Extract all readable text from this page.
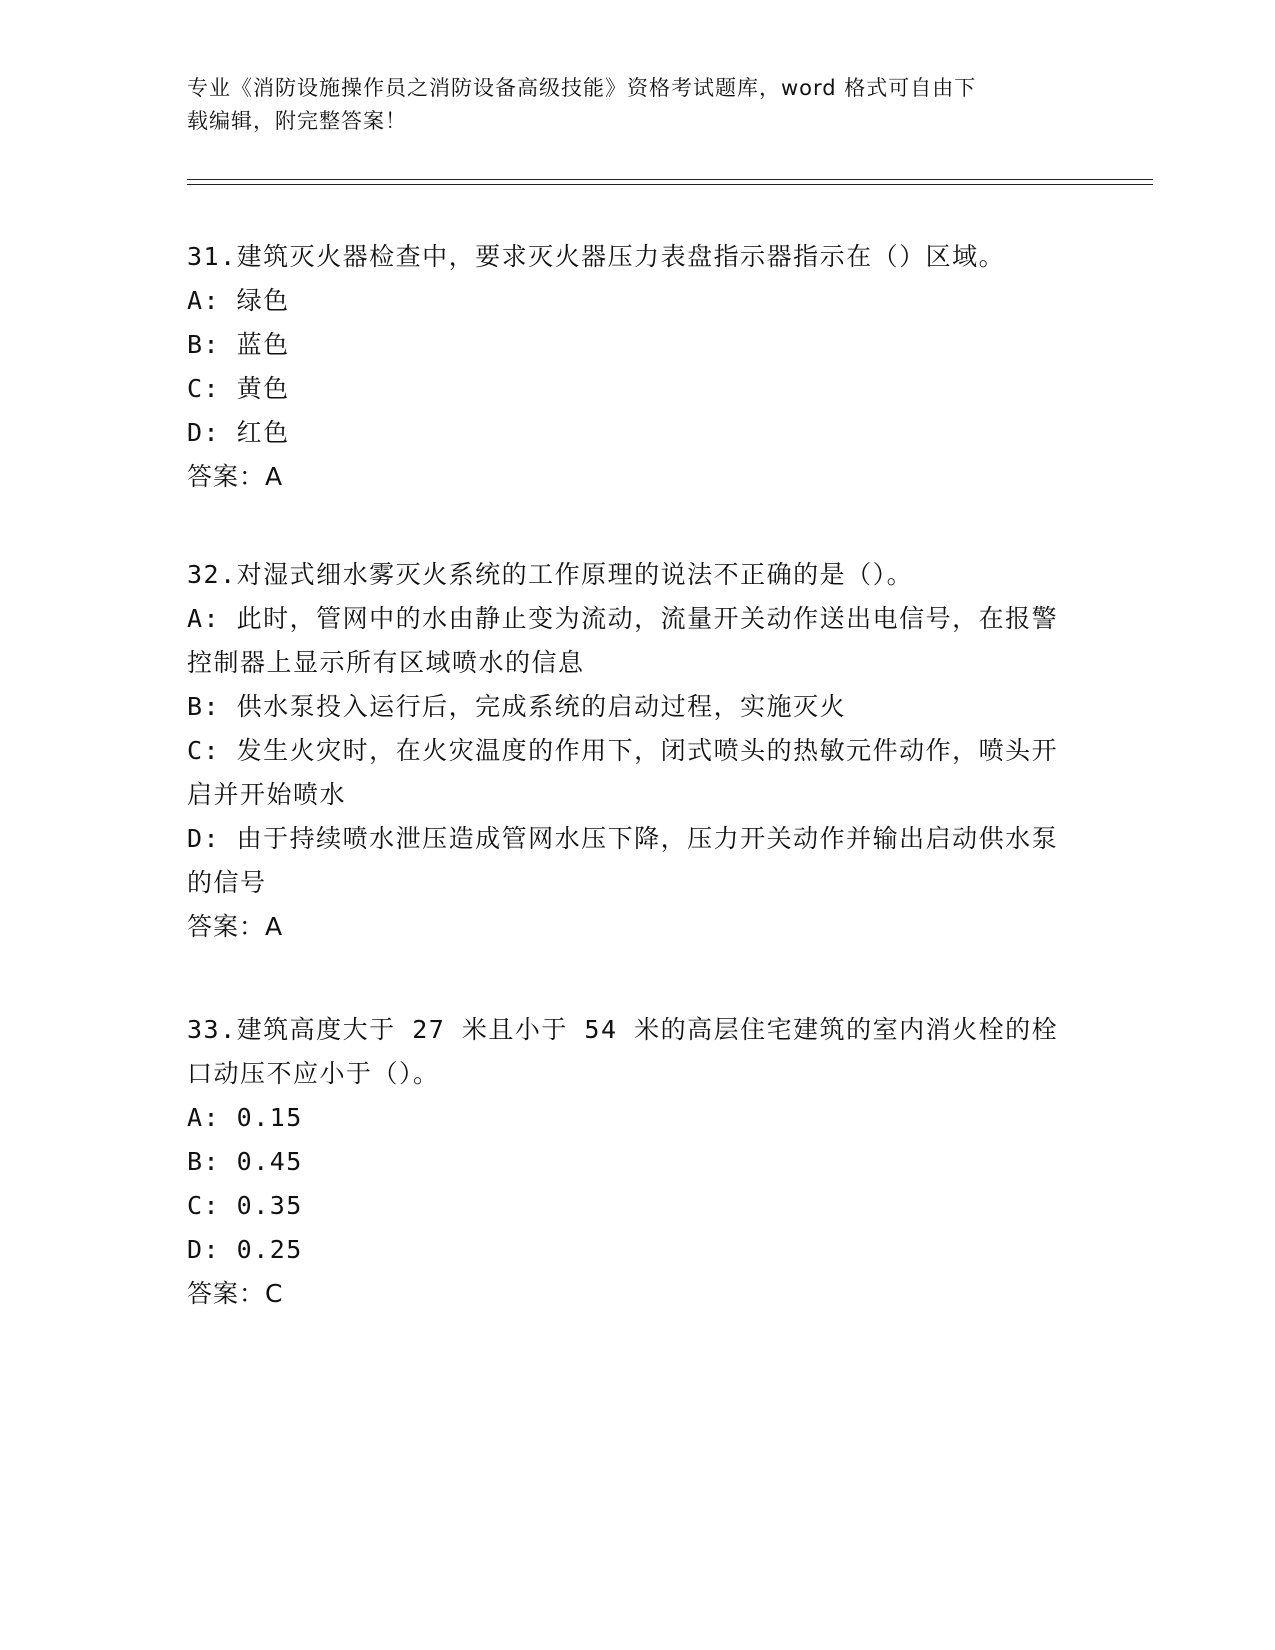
专业《消防设施操作员之消防设备高级技能》资格考试题库，word 格式可自由下
载编辑，附完整答案！

31.建筑灭火器检查中，要求灭火器压力表盘指示器指示在（）区域。

A: 绿色

B: 蓝色

C: 黄色

D: 红色

答案：A

32.对湿式细水雾灭火系统的工作原理的说法不正确的是（）。

A: 此时，管网中的水由静止变为流动，流量开关动作送出电信号，在报警控制器上显示所有区域喷水的信息

B: 供水泵投入运行后，完成系统的启动过程，实施灭火

C: 发生火灾时，在火灾温度的作用下，闭式喷头的热敏元件动作，喷头开启并开始喷水

D: 由于持续喷水泄压造成管网水压下降，压力开关动作并输出启动供水泵的信号

答案：A

33.建筑高度大于 27 米且小于 54 米的高层住宅建筑的室内消火栓的栓口动压不应小于（）。

A: 0.15

B: 0.45

C: 0.35

D: 0.25

答案：C
